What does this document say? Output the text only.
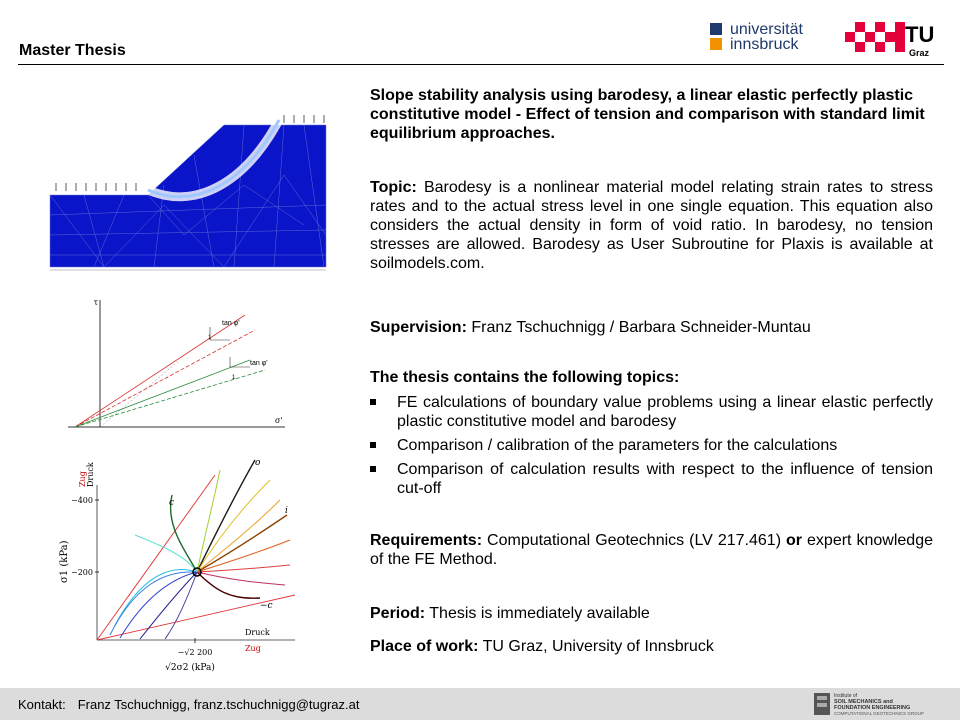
Master Thesis
universität
innsbruck	TU
Graz
τ
σ'
tan φ'
tan φ'
1
1
Zug Druck
σ1 (kPa)
−400
−200
−√2 200
√2σ2 (kPa)
Druck
Zug
o
c
i
−c

Slope stability analysis using barodesy, a linear elastic perfectly plastic constitutive model - Effect of tension and comparison with standard limit equilibrium approaches.

Topic: Barodesy is a nonlinear material model relating strain rates to stress rates and to the actual stress level in one single equation. This equation also considers the actual density in form of void ratio. In barodesy, no tension stresses are allowed. Barodesy as User Subroutine for Plaxis is available at soilmodels.com.

Supervision: Franz Tschuchnigg / Barbara Schneider-Muntau

The thesis contains the following topics:

FE calculations of boundary value problems using a linear elastic perfectly plastic constitutive model and barodesy
Comparison / calibration of the parameters for the calculations
Comparison of calculation results with respect to the influence of tension cut-off

Requirements: Computational Geotechnics (LV 217.461) or expert knowledge of the FE Method.

Period: Thesis is immediately available

Place of work: TU Graz, University of Innsbruck

Kontakt: Franz Tschuchnigg, franz.tschuchnigg@tugraz.at
Institute of
SOIL MECHANICS and
FOUNDATION ENGINEERING
COMPUTATIONAL GEOTECHNICS GROUP
